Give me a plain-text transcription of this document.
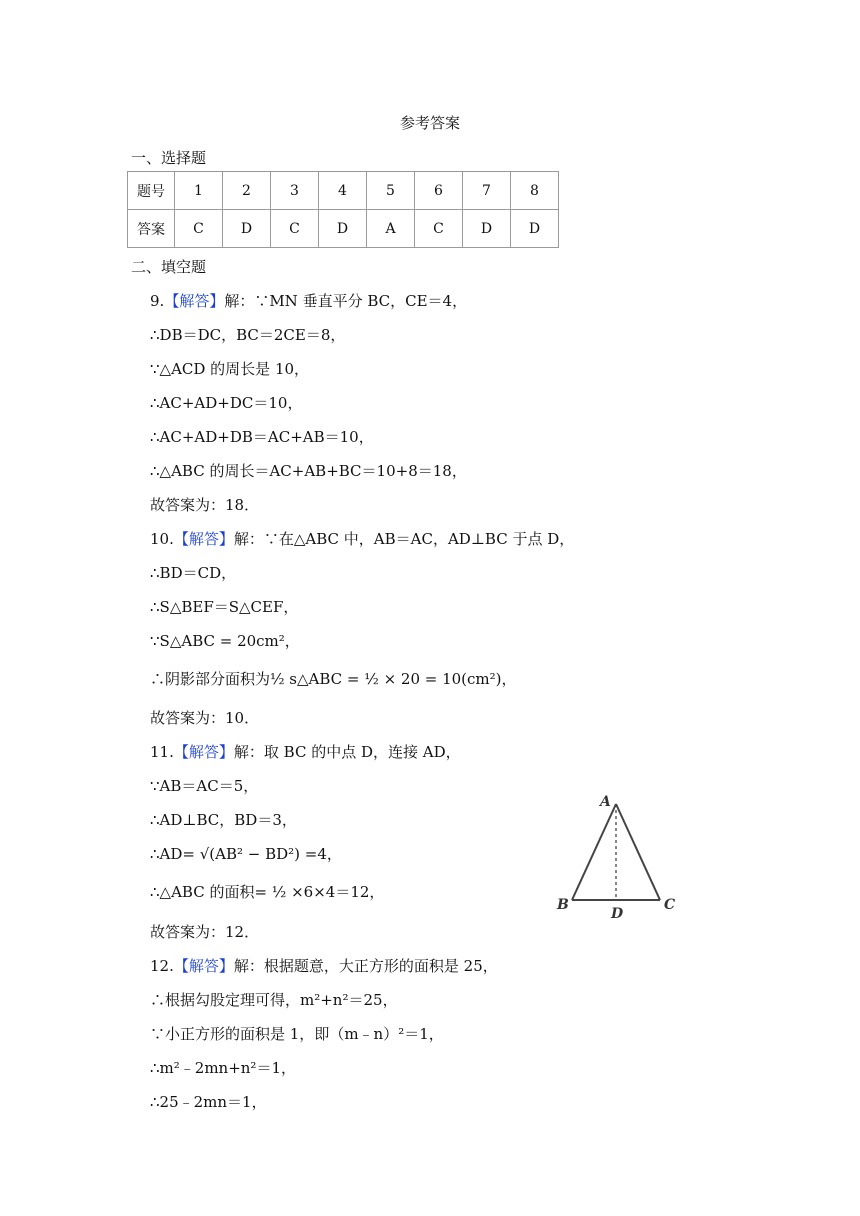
参考答案
一、选择题
题号	1	2	3	4	5	6	7	8
答案	C	D	C	D	A	C	D	D
二、填空题
9.【解答】解：∵MN 垂直平分 BC，CE＝4，
∴DB＝DC，BC＝2CE＝8，
∵△ACD 的周长是 10，
∴AC+AD+DC＝10，
∴AC+AD+DB＝AC+AB＝10，
∴△ABC 的周长＝AC+AB+BC＝10+8＝18，
故答案为：18．
10.【解答】解：∵在△ABC 中，AB＝AC，AD⊥BC 于点 D，
∴BD＝CD，
∴S△BEF＝S△CEF，
∵S△ABC = 20cm²，
∴阴影部分面积为½ s△ABC = ½ × 20 = 10(cm²)，
故答案为：10．
11.【解答】解：取 BC 的中点 D，连接 AD，
∵AB＝AC＝5，
∴AD⊥BC，BD＝3，
∴AD= √(AB² − BD²) =4，
∴△ABC 的面积= ½ ×6×4＝12，
故答案为：12．
A
B	C
D
12.【解答】解：根据题意，大正方形的面积是 25，
∴根据勾股定理可得，m²+n²＝25，
∵小正方形的面积是 1，即（m﹣n）²＝1，
∴m²﹣2mn+n²＝1，
∴25﹣2mn＝1，
